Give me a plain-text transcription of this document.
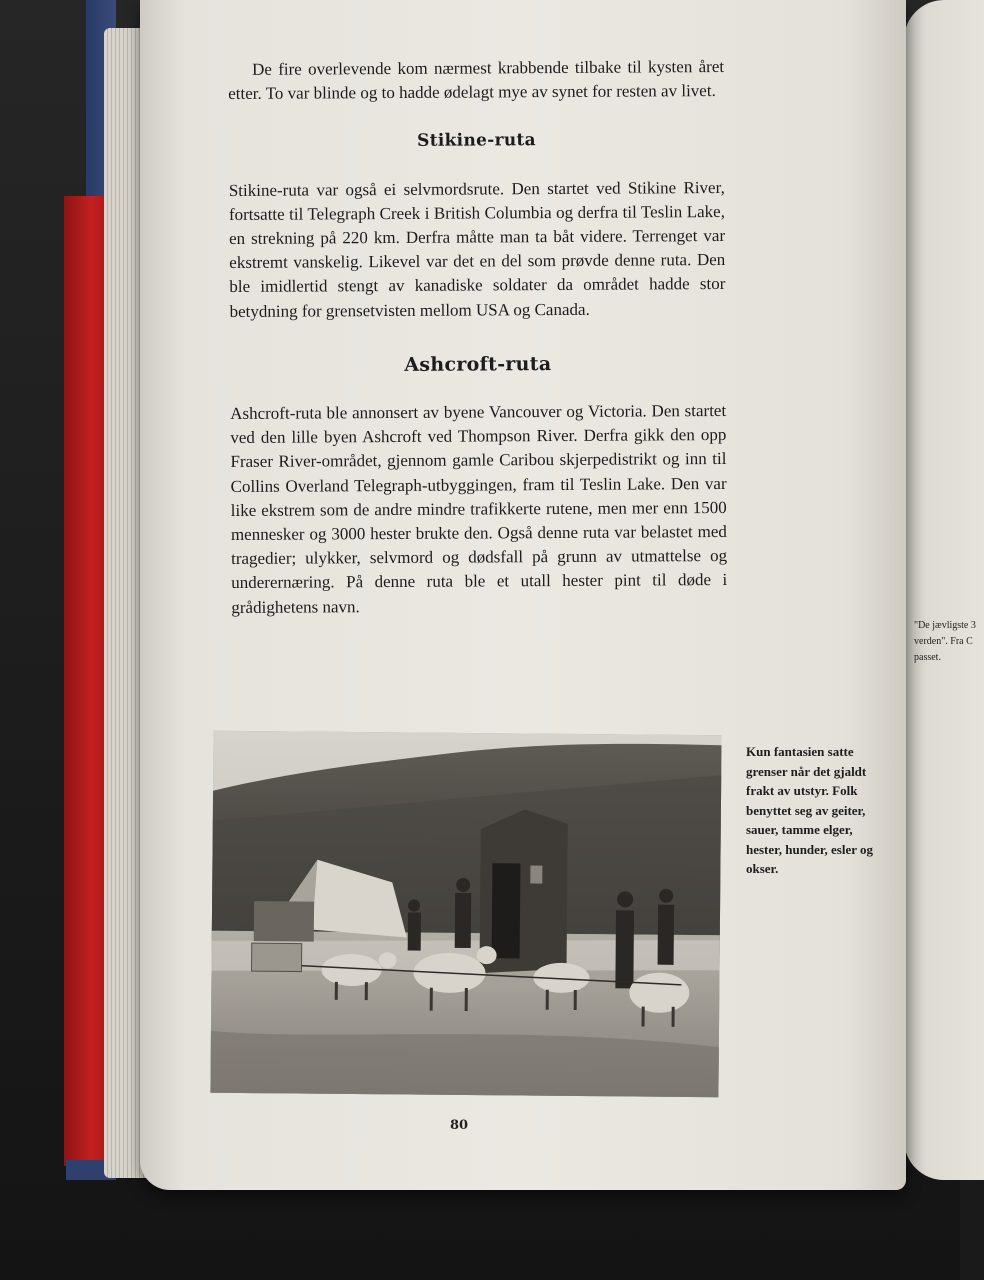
"De jævligste
verden". Fra
passet.

De fire overlevende kom nærmest krabbende tilbake til kysten året etter. To var blinde og to hadde ødelagt mye av synet for resten av livet.

Stikine-ruta

Stikine-ruta var også ei selvmordsrute. Den startet ved Stikine River, fortsatte til Telegraph Creek i British Columbia og derfra til Teslin Lake, en strekning på 220 km. Derfra måtte man ta båt videre. Terrenget var ekstremt vanskelig. Likevel var det en del som prøvde denne ruta. Den ble imidlertid stengt av kanadiske soldater da området hadde stor betydning for grensetvisten mellom USA og Canada.

Ashcroft-ruta

Ashcroft-ruta ble annonsert av byene Vancouver og Victoria. Den startet ved den lille byen Ashcroft ved Thompson River. Derfra gikk den opp Fraser River-området, gjennom gamle Caribou skjerpedistrikt og inn til Collins Overland Telegraph-utbyggingen, fram til Teslin Lake. Den var like ekstrem som de andre mindre trafikkerte rutene, men mer enn 1500 mennesker og 3000 hester brukte den. Også denne ruta var belastet med tragedier; ulykker, selvmord og dødsfall på grunn av utmattelse og underernæring. På denne ruta ble et utall hester pint til døde i grådighetens navn.

Kun fantasien satte grenser når det gjaldt frakt av utstyr. Folk benyttet seg av geiter, sauer, tamme elger, hester, hunder, esler og okser.
80
